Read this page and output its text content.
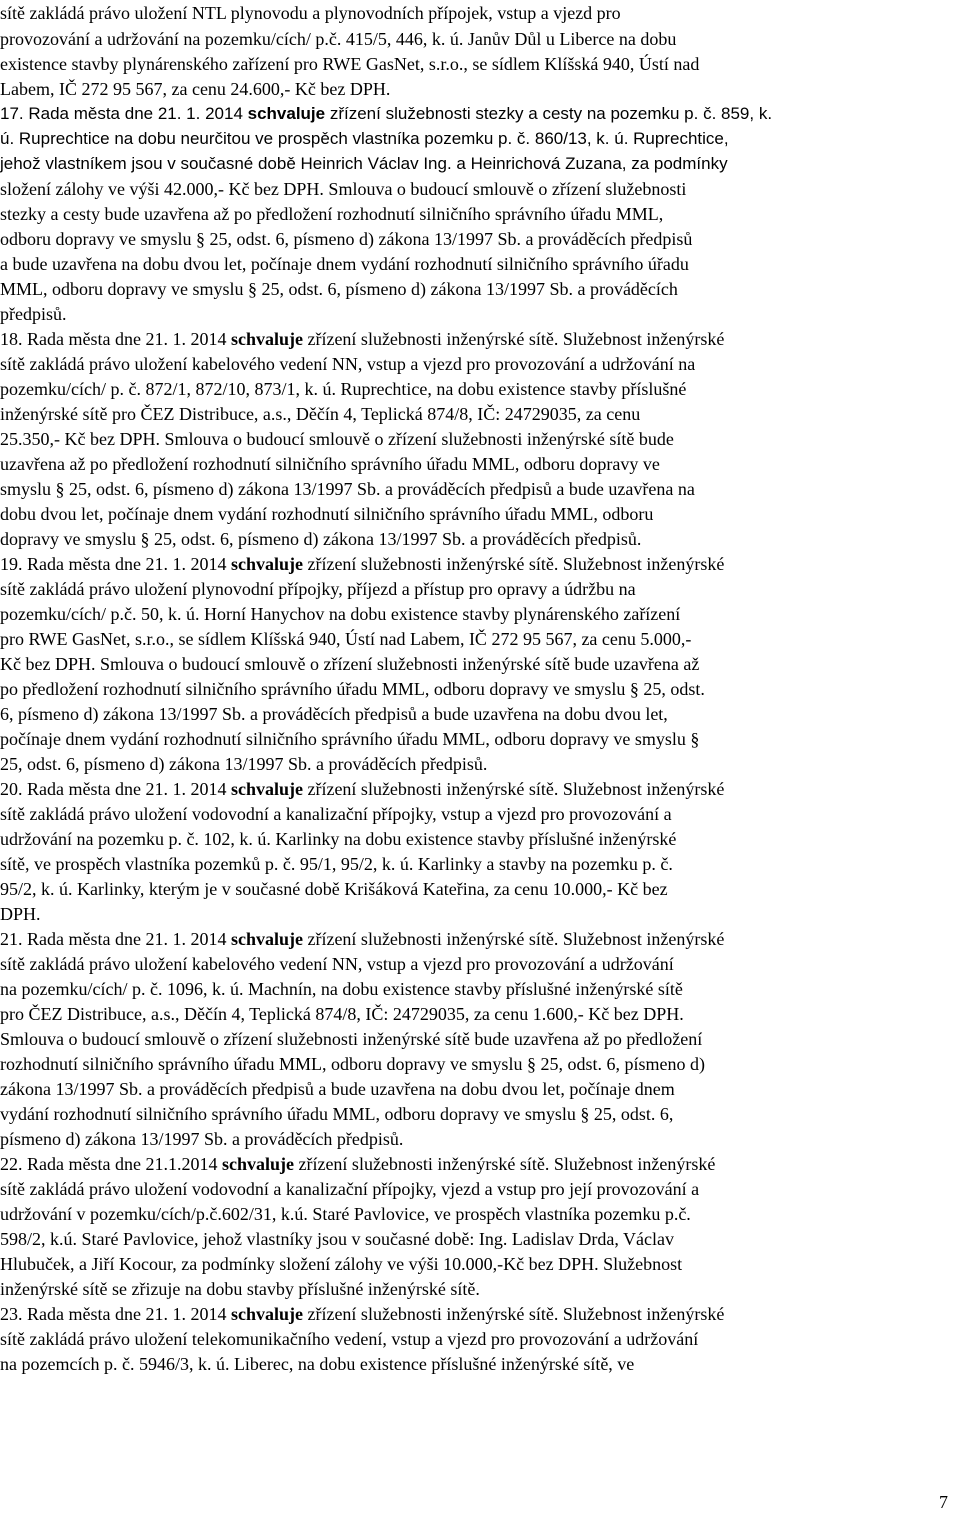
sítě zakládá právo uložení NTL plynovodu a plynovodních přípojek, vstup a vjezd pro
provozování a udržování na pozemku/cích/ p.č. 415/5, 446, k. ú. Janův Důl u Liberce na dobu
existence stavby plynárenského zařízení pro RWE GasNet, s.r.o., se sídlem Klíšská 940, Ústí nad
Labem, IČ 272 95 567, za cenu 24.600,- Kč bez DPH.
17. Rada města dne 21. 1. 2014 schvaluje zřízení služebnosti stezky a cesty na pozemku p. č. 859, k.
ú. Ruprechtice na dobu neurčitou ve prospěch vlastníka pozemku p. č. 860/13, k. ú. Ruprechtice,
jehož vlastníkem jsou v současné době Heinrich Václav Ing. a Heinrichová Zuzana, za podmínky
složení zálohy ve výši 42.000,- Kč bez DPH. Smlouva o budoucí smlouvě o zřízení služebnosti
stezky a cesty bude uzavřena až po předložení rozhodnutí silničního správního úřadu MML,
odboru dopravy ve smyslu § 25, odst. 6, písmeno d) zákona 13/1997 Sb. a prováděcích předpisů
a bude uzavřena na dobu dvou let, počínaje dnem vydání rozhodnutí silničního správního úřadu
MML, odboru dopravy ve smyslu § 25, odst. 6, písmeno d) zákona 13/1997 Sb. a prováděcích
předpisů.
18. Rada města dne 21. 1. 2014 schvaluje zřízení služebnosti inženýrské sítě. Služebnost inženýrské
sítě zakládá právo uložení kabelového vedení NN, vstup a vjezd pro provozování a udržování na
pozemku/cích/ p. č. 872/1, 872/10, 873/1, k. ú. Ruprechtice, na dobu existence stavby příslušné
inženýrské sítě pro ČEZ Distribuce, a.s., Děčín 4, Teplická 874/8, IČ: 24729035, za cenu
25.350,- Kč bez DPH. Smlouva o budoucí smlouvě o zřízení služebnosti inženýrské sítě bude
uzavřena až po předložení rozhodnutí silničního správního úřadu MML, odboru dopravy ve
smyslu § 25, odst. 6, písmeno d) zákona 13/1997 Sb. a prováděcích předpisů a bude uzavřena na
dobu dvou let, počínaje dnem vydání rozhodnutí silničního správního úřadu MML, odboru
dopravy ve smyslu § 25, odst. 6, písmeno d) zákona 13/1997 Sb. a prováděcích předpisů.
19. Rada města dne 21. 1. 2014 schvaluje zřízení služebnosti inženýrské sítě. Služebnost inženýrské
sítě zakládá právo uložení plynovodní přípojky, příjezd a přístup pro opravy a údržbu na
pozemku/cích/ p.č. 50, k. ú. Horní Hanychov na dobu existence stavby plynárenského zařízení
pro RWE GasNet, s.r.o., se sídlem Klíšská 940, Ústí nad Labem, IČ 272 95 567, za cenu 5.000,-
Kč bez DPH. Smlouva o budoucí smlouvě o zřízení služebnosti inženýrské sítě bude uzavřena až
po předložení rozhodnutí silničního správního úřadu MML, odboru dopravy ve smyslu § 25, odst.
6, písmeno d) zákona 13/1997 Sb. a prováděcích předpisů a bude uzavřena na dobu dvou let,
počínaje dnem vydání rozhodnutí silničního správního úřadu MML, odboru dopravy ve smyslu §
25, odst. 6, písmeno d) zákona 13/1997 Sb. a prováděcích předpisů.
20. Rada města dne 21. 1. 2014 schvaluje zřízení služebnosti inženýrské sítě. Služebnost inženýrské
sítě zakládá právo uložení vodovodní a kanalizační přípojky, vstup a vjezd pro provozování a
udržování na pozemku p. č. 102, k. ú. Karlinky na dobu existence stavby příslušné inženýrské
sítě, ve prospěch vlastníka pozemků p. č. 95/1, 95/2, k. ú. Karlinky a stavby na pozemku p. č.
95/2, k. ú. Karlinky, kterým je v současné době Krišáková Kateřina, za cenu 10.000,- Kč bez
DPH.
21. Rada města dne 21. 1. 2014 schvaluje zřízení služebnosti inženýrské sítě. Služebnost inženýrské
sítě zakládá právo uložení kabelového vedení NN, vstup a vjezd pro provozování a udržování
na pozemku/cích/ p. č. 1096, k. ú. Machnín, na dobu existence stavby příslušné inženýrské sítě
pro ČEZ Distribuce, a.s., Děčín 4, Teplická 874/8, IČ: 24729035, za cenu 1.600,- Kč bez DPH.
Smlouva o budoucí smlouvě o zřízení služebnosti inženýrské sítě bude uzavřena až po předložení
rozhodnutí silničního správního úřadu MML, odboru dopravy ve smyslu § 25, odst. 6, písmeno d)
zákona 13/1997 Sb. a prováděcích předpisů a bude uzavřena na dobu dvou let, počínaje dnem
vydání rozhodnutí silničního správního úřadu MML, odboru dopravy ve smyslu § 25, odst. 6,
písmeno d) zákona 13/1997 Sb. a prováděcích předpisů.
22. Rada města dne 21.1.2014 schvaluje zřízení služebnosti inženýrské sítě. Služebnost inženýrské
sítě zakládá právo uložení vodovodní a kanalizační přípojky, vjezd a vstup pro její provozování a
udržování v pozemku/cích/p.č.602/31, k.ú. Staré Pavlovice, ve prospěch vlastníka pozemku p.č.
598/2, k.ú. Staré Pavlovice, jehož vlastníky jsou v současné době: Ing. Ladislav Drda, Václav
Hlubuček, a Jiří Kocour, za podmínky složení zálohy ve výši 10.000,-Kč bez DPH. Služebnost
inženýrské sítě se zřizuje na dobu stavby příslušné inženýrské sítě.
23. Rada města dne 21. 1. 2014 schvaluje zřízení služebnosti inženýrské sítě. Služebnost inženýrské
sítě zakládá právo uložení telekomunikačního vedení, vstup a vjezd pro provozování a udržování
na pozemcích p. č. 5946/3, k. ú. Liberec, na dobu existence příslušné inženýrské sítě, ve
7
